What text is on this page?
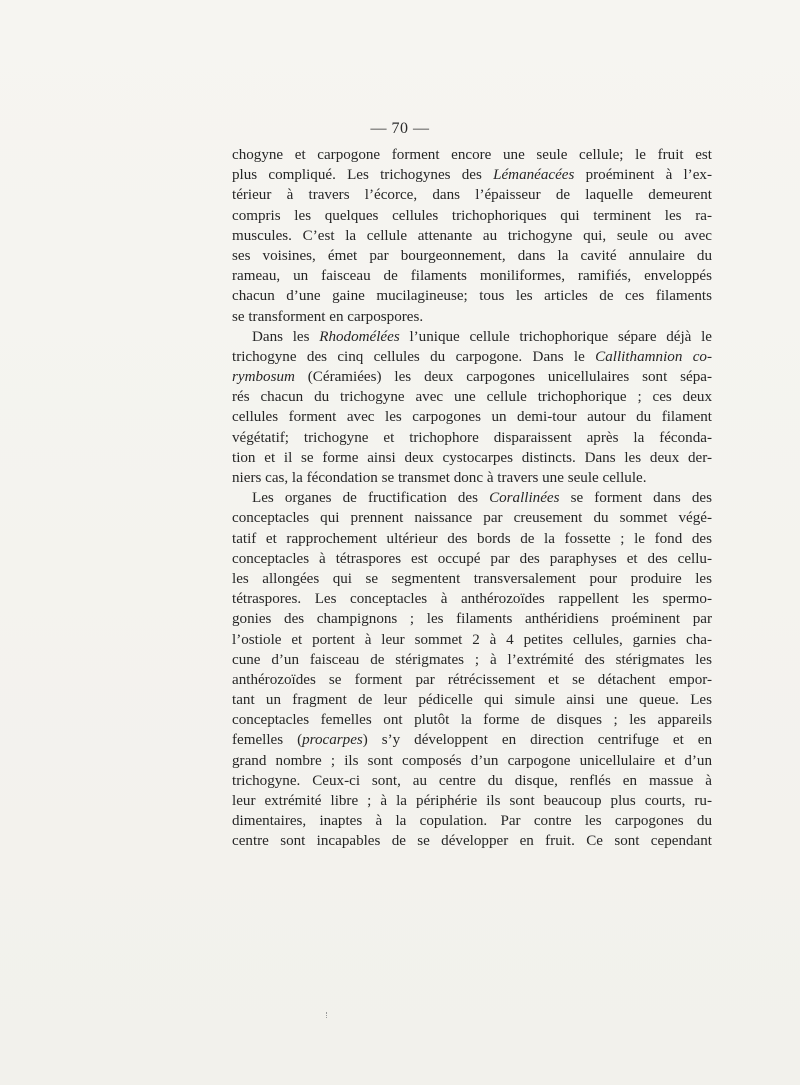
— 70 —
chogyne et carpogone forment encore une seule cellule; le fruit est
plus compliqué. Les trichogynes des Lémanéacées proéminent à l’ex-
térieur à travers l’écorce, dans l’épaisseur de laquelle demeurent
compris les quelques cellules trichophoriques qui terminent les ra-
muscules. C’est la cellule attenante au trichogyne qui, seule ou avec
ses voisines, émet par bourgeonnement, dans la cavité annulaire du
rameau, un faisceau de filaments moniliformes, ramifiés, enveloppés
chacun d’une gaine mucilagineuse; tous les articles de ces filaments
se transforment en carpospores.
Dans les Rhodomélées l’unique cellule trichophorique sépare déjà le
trichogyne des cinq cellules du carpogone. Dans le Callithamnion co-
rymbosum (Céramiées) les deux carpogones unicellulaires sont sépa-
rés chacun du trichogyne avec une cellule trichophorique ; ces deux
cellules forment avec les carpogones un demi-tour autour du filament
végétatif; trichogyne et trichophore disparaissent après la féconda-
tion et il se forme ainsi deux cystocarpes distincts. Dans les deux der-
niers cas, la fécondation se transmet donc à travers une seule cellule.
Les organes de fructification des Corallinées se forment dans des
conceptacles qui prennent naissance par creusement du sommet végé-
tatif et rapprochement ultérieur des bords de la fossette ; le fond des
conceptacles à tétraspores est occupé par des paraphyses et des cellu-
les allongées qui se segmentent transversalement pour produire les
tétraspores. Les conceptacles à anthérozoïdes rappellent les spermo-
gonies des champignons ; les filaments anthéridiens proéminent par
l’ostiole et portent à leur sommet 2 à 4 petites cellules, garnies cha-
cune d’un faisceau de stérigmates ; à l’extrémité des stérigmates les
anthérozoïdes se forment par rétrécissement et se détachent empor-
tant un fragment de leur pédicelle qui simule ainsi une queue. Les
conceptacles femelles ont plutôt la forme de disques ; les appareils
femelles (procarpes) s’y développent en direction centrifuge et en
grand nombre ; ils sont composés d’un carpogone unicellulaire et d’un
trichogyne. Ceux-ci sont, au centre du disque, renflés en massue à
leur extrémité libre ; à la périphérie ils sont beaucoup plus courts, ru-
dimentaires, inaptes à la copulation. Par contre les carpogones du
centre sont incapables de se développer en fruit. Ce sont cependant
